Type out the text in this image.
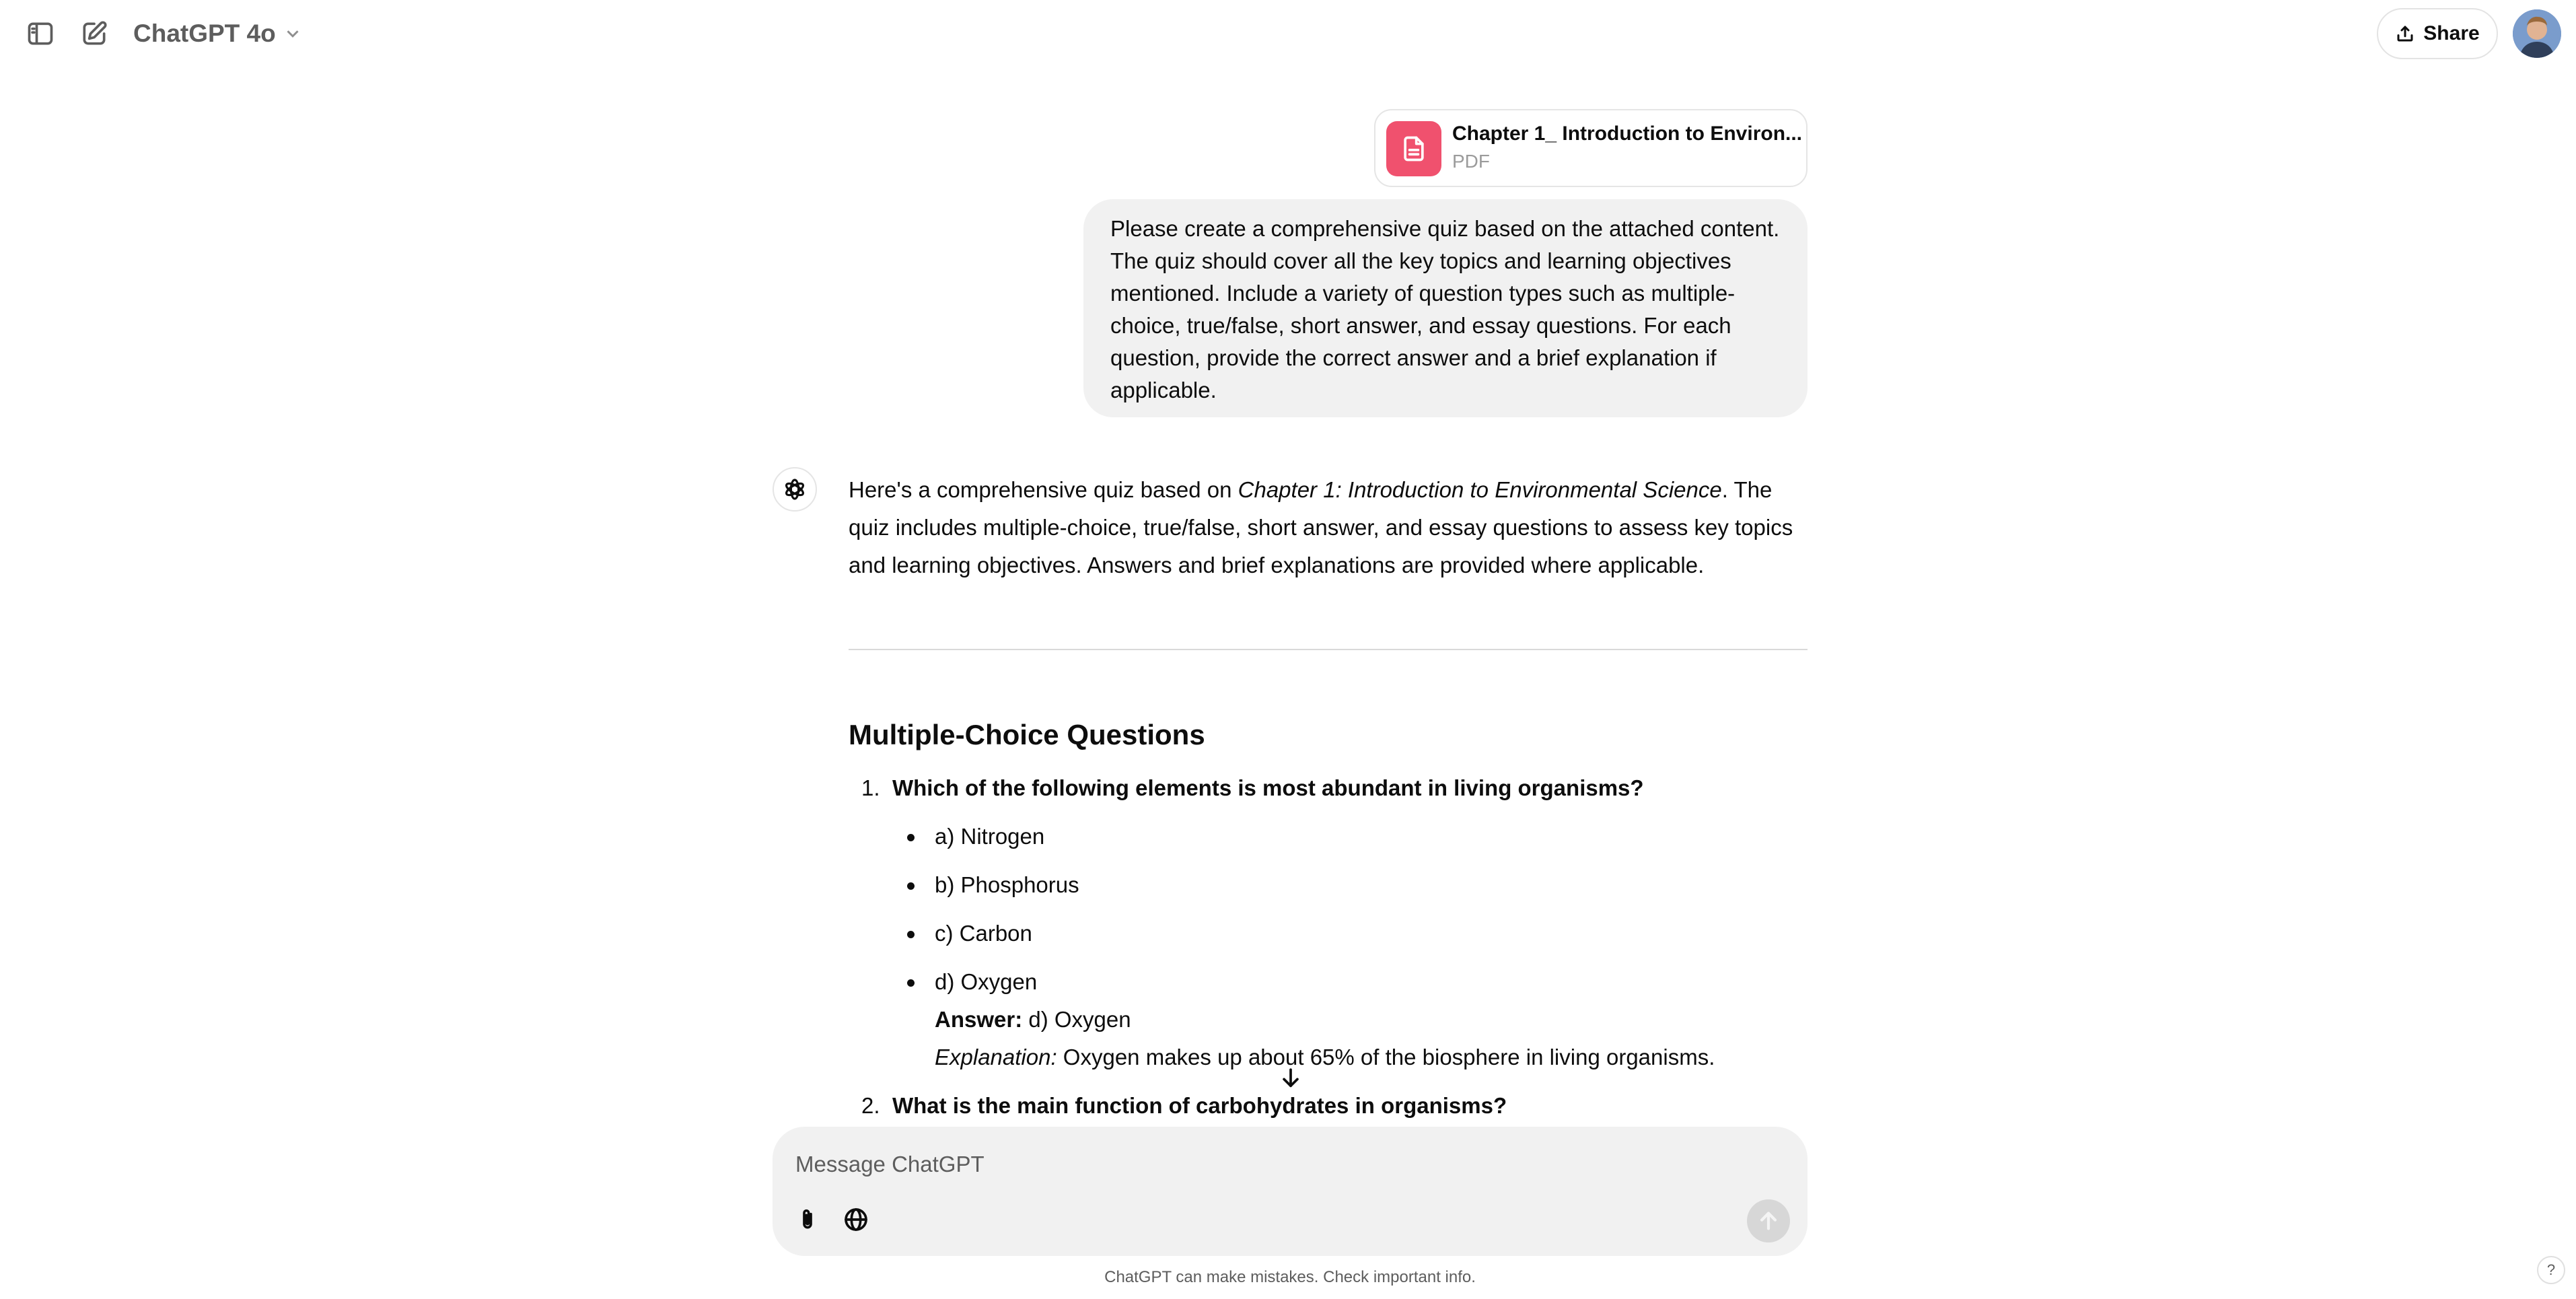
ChatGPT 4o	Share
Chapter 1_ Introduction to Environ...
PDF
Please create a comprehensive quiz based on the attached content. The quiz should cover all the key topics and learning objectives mentioned. Include a variety of question types such as multiple-choice, true/false, short answer, and essay questions. For each question, provide the correct answer and a brief explanation if applicable.
Here's a comprehensive quiz based on Chapter 1: Introduction to Environmental Science. The quiz includes multiple-choice, true/false, short answer, and essay questions to assess key topics and learning objectives. Answers and brief explanations are provided where applicable.
Multiple-Choice Questions
1. Which of the following elements is most abundant in living organisms?
a) Nitrogen
b) Phosphorus
c) Carbon
d) Oxygen
Answer: d) Oxygen
Explanation: Oxygen makes up about 65% of the biosphere in living organisms.
2. What is the main function of carbohydrates in organisms?
Message ChatGPT
ChatGPT can make mistakes. Check important info.	?
